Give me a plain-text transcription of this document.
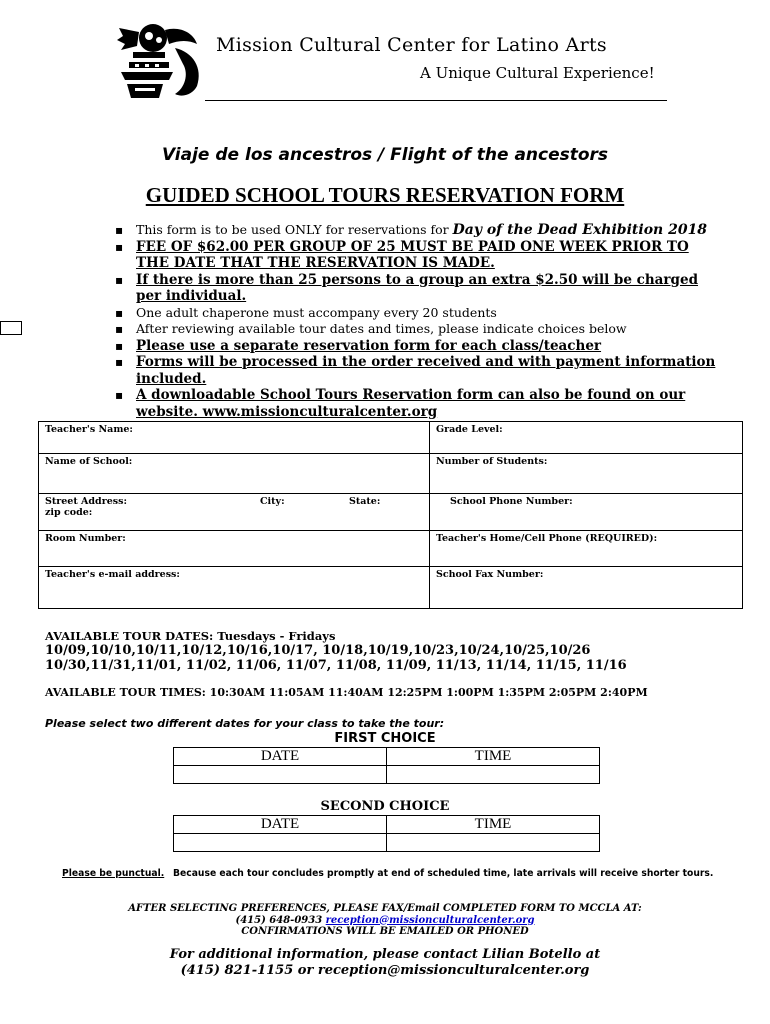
Mission Cultural Center for Latino Arts
A Unique Cultural Experience!
Viaje de los ancestros / Flight of the ancestors
GUIDED SCHOOL TOURS RESERVATION FORM
▪ This form is to be used ONLY for reservations for Day of the Dead Exhibition 2018
▪ FEE OF $62.00 PER GROUP OF 25 MUST BE PAID ONE WEEK PRIOR TO THE DATE THAT THE RESERVATION IS MADE.
▪ If there is more than 25 persons to a group an extra $2.50 will be charged per individual.
▪ One adult chaperone must accompany every 20 students
▪ After reviewing available tour dates and times, please indicate choices below
▪ Please use a separate reservation form for each class/teacher
▪ Forms will be processed in the order received and with payment information included.
▪ A downloadable School Tours Reservation form can also be found on our website. www.missionculturalcenter.org
Teacher's Name:	Grade Level:
Name of School:	Number of Students:

Street Address: City: State:
zip code:	School Phone Number:
Room Number:	Teacher's Home/Cell Phone (REQUIRED):
Teacher's e-mail address:	School Fax Number:
AVAILABLE TOUR DATES: Tuesdays - Fridays
10/09,10/10,10/11,10/12,10/16,10/17, 10/18,10/19,10/23,10/24,10/25,10/26
10/30,11/31,11/01, 11/02, 11/06, 11/07, 11/08, 11/09, 11/13, 11/14, 11/15, 11/16
AVAILABLE TOUR TIMES: 10:30AM 11:05AM 11:40AM 12:25PM 1:00PM 1:35PM 2:05PM 2:40PM
Please select two different dates for your class to take the tour:
FIRST CHOICE
DATE	TIME

SECOND CHOICE
DATE	TIME

Please be punctual. Because each tour concludes promptly at end of scheduled time, late arrivals will receive shorter tours.
AFTER SELECTING PREFERENCES, PLEASE FAX/Email COMPLETED FORM TO MCCLA AT:
(415) 648-0933 reception@missionculturalcenter.org
CONFIRMATIONS WILL BE EMAILED OR PHONED
For additional information, please contact Lilian Botello at
(415) 821-1155 or reception@missionculturalcenter.org
